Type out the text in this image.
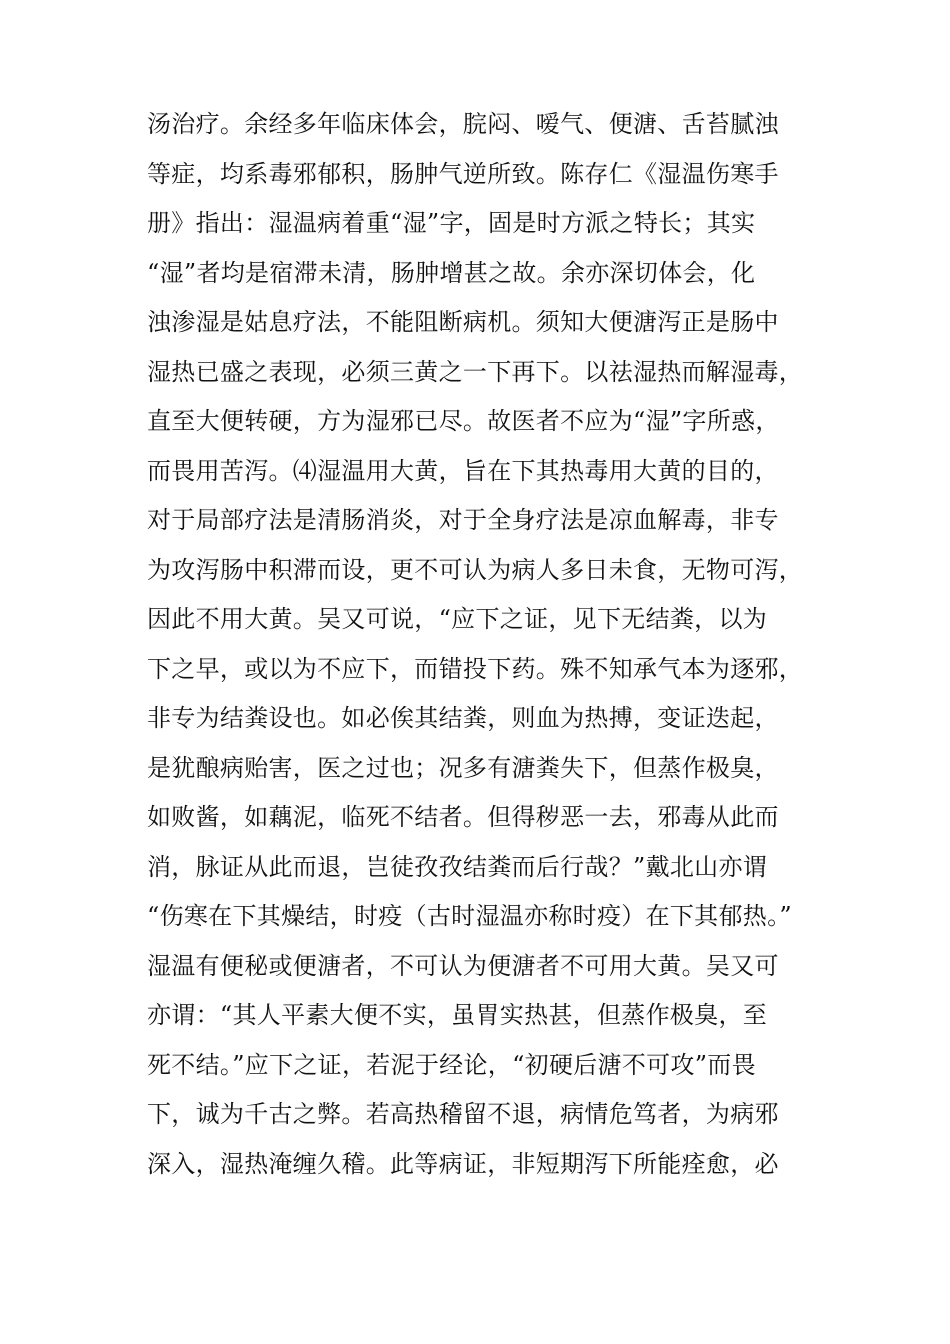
汤治疗。余经多年临床体会，脘闷、嗳气、便溏、舌苔腻浊
等症，均系毒邪郁积，肠肿气逆所致。陈存仁《湿温伤寒手
册》指出：湿温病着重“湿”字，固是时方派之特长；其实
“湿”者均是宿滞未清，肠肿增甚之故。余亦深切体会，化
浊渗湿是姑息疗法，不能阻断病机。须知大便溏泻正是肠中
湿热已盛之表现，必须三黄之一下再下。以祛湿热而解湿毒，
直至大便转硬，方为湿邪已尽。故医者不应为“湿”字所惑，
而畏用苦泻。⑷湿温用大黄，旨在下其热毒用大黄的目的，
对于局部疗法是清肠消炎，对于全身疗法是凉血解毒，非专
为攻泻肠中积滞而设，更不可认为病人多日未食，无物可泻，
因此不用大黄。吴又可说，“应下之证，见下无结粪，以为
下之早，或以为不应下，而错投下药。殊不知承气本为逐邪，
非专为结粪设也。如必俟其结粪，则血为热搏，变证迭起，
是犹酿病贻害，医之过也；况多有溏粪失下，但蒸作极臭，
如败酱，如藕泥，临死不结者。但得秽恶一去，邪毒从此而
消，脉证从此而退，岂徒孜孜结粪而后行哉？”戴北山亦谓
“伤寒在下其燥结，时疫（古时湿温亦称时疫）在下其郁热。”
湿温有便秘或便溏者，不可认为便溏者不可用大黄。吴又可
亦谓：“其人平素大便不实，虽胃实热甚，但蒸作极臭，至
死不结。”应下之证，若泥于经论，“初硬后溏不可攻”而畏
下，诚为千古之弊。若高热稽留不退，病情危笃者，为病邪
深入，湿热淹缠久稽。此等病证，非短期泻下所能痊愈，必
